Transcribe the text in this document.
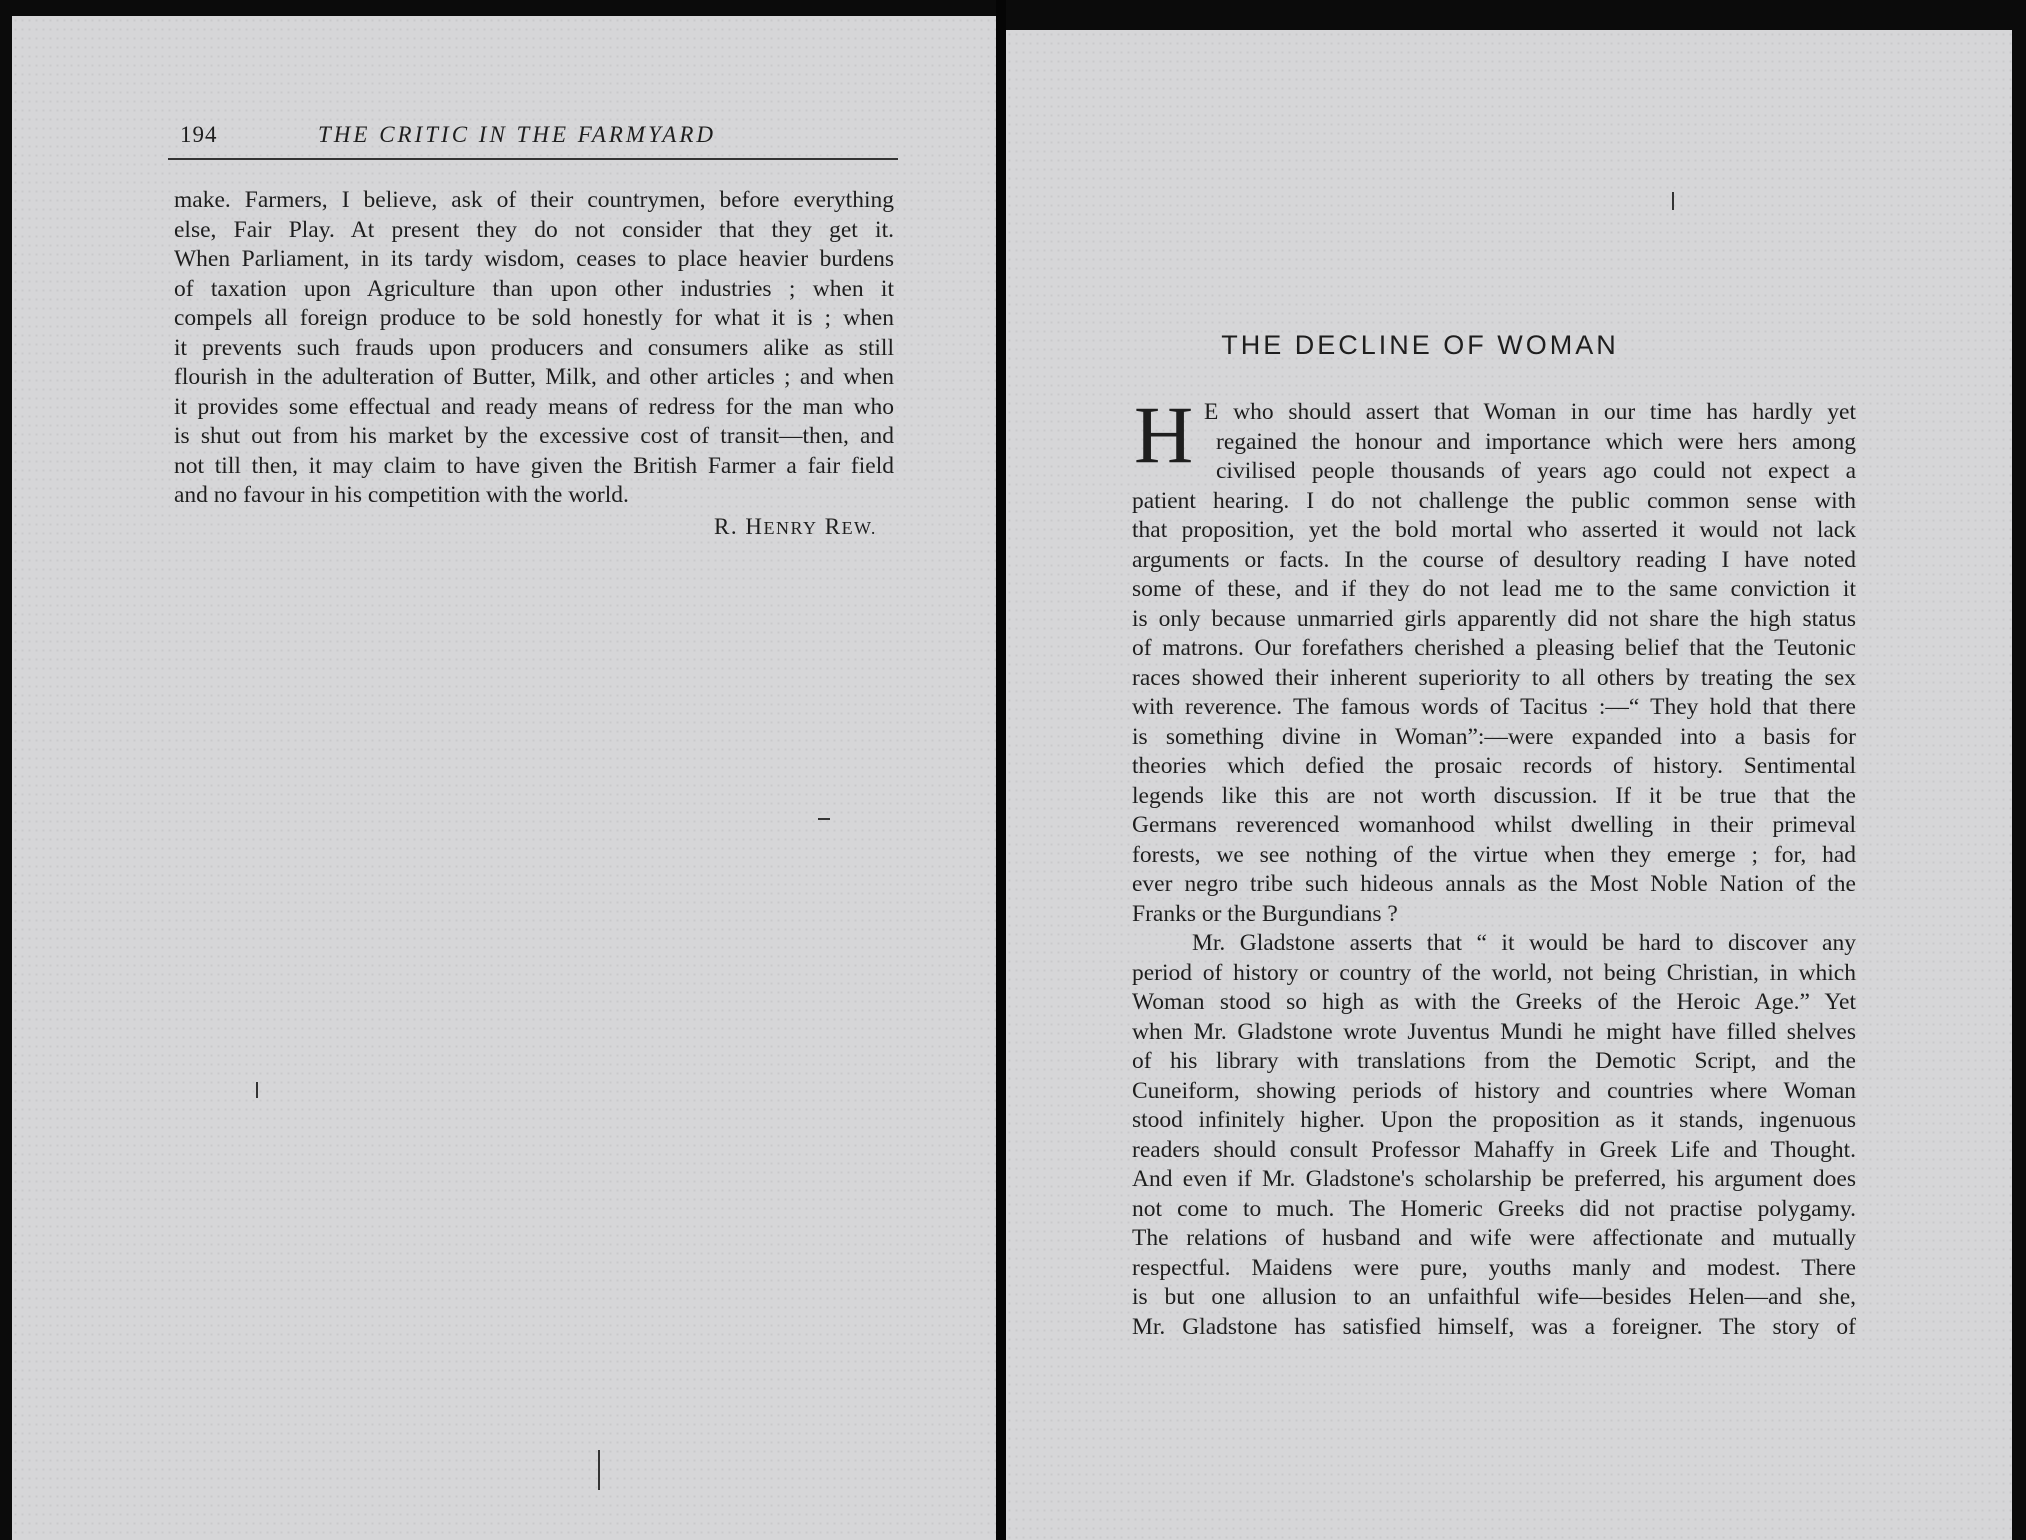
194	THE CRITIC IN THE FARMYARD
make. Farmers, I believe, ask of their countrymen, before everything
else, Fair Play. At present they do not consider that they get it.
When Parliament, in its tardy wisdom, ceases to place heavier burdens
of taxation upon Agriculture than upon other industries ; when it
compels all foreign produce to be sold honestly for what it is ; when
it prevents such frauds upon producers and consumers alike as still
flourish in the adulteration of Butter, Milk, and other articles ; and when
it provides some effectual and ready means of redress for the man who
is shut out from his market by the excessive cost of transit—then, and
not till then, it may claim to have given the British Farmer a fair field
and no favour in his competition with the world.
R. HENRY REW.
THE DECLINE OF WOMAN
H E who should assert that Woman in our time has hardly yet
regained the honour and importance which were hers among
civilised people thousands of years ago could not expect a
patient hearing. I do not challenge the public common sense with
that proposition, yet the bold mortal who asserted it would not lack
arguments or facts. In the course of desultory reading I have noted
some of these, and if they do not lead me to the same conviction it
is only because unmarried girls apparently did not share the high status
of matrons. Our forefathers cherished a pleasing belief that the Teutonic
races showed their inherent superiority to all others by treating the sex
with reverence. The famous words of Tacitus :—“ They hold that there
is something divine in Woman”:—were expanded into a basis for
theories which defied the prosaic records of history. Sentimental
legends like this are not worth discussion. If it be true that the
Germans reverenced womanhood whilst dwelling in their primeval
forests, we see nothing of the virtue when they emerge ; for, had
ever negro tribe such hideous annals as the Most Noble Nation of the
Franks or the Burgundians ?
Mr. Gladstone asserts that “ it would be hard to discover any
period of history or country of the world, not being Christian, in which
Woman stood so high as with the Greeks of the Heroic Age.” Yet
when Mr. Gladstone wrote Juventus Mundi he might have filled shelves
of his library with translations from the Demotic Script, and the
Cuneiform, showing periods of history and countries where Woman
stood infinitely higher. Upon the proposition as it stands, ingenuous
readers should consult Professor Mahaffy in Greek Life and Thought.
And even if Mr. Gladstone's scholarship be preferred, his argument does
not come to much. The Homeric Greeks did not practise polygamy.
The relations of husband and wife were affectionate and mutually
respectful. Maidens were pure, youths manly and modest. There
is but one allusion to an unfaithful wife—besides Helen—and she,
Mr. Gladstone has satisfied himself, was a foreigner. The story of
